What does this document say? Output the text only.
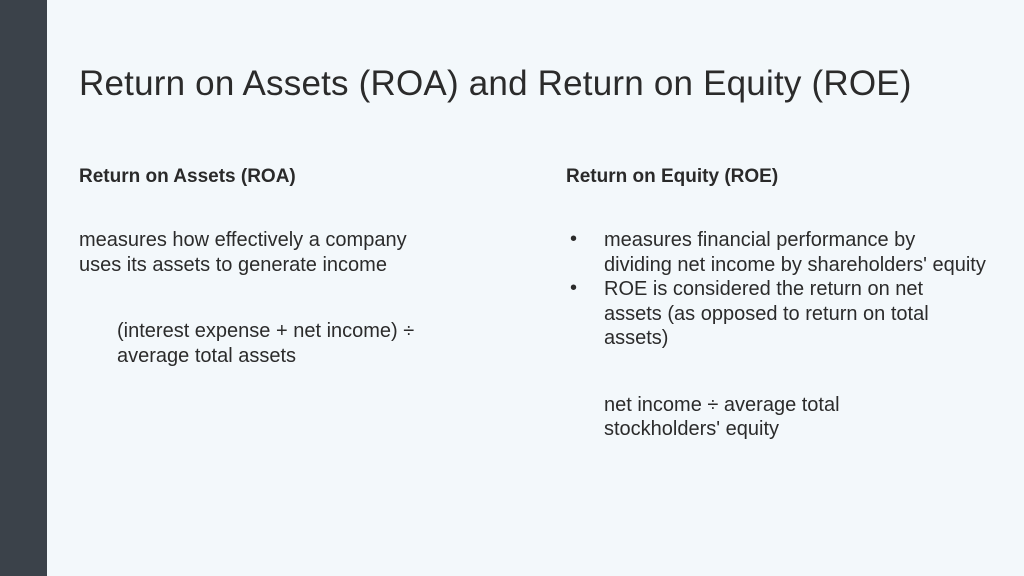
Return on Assets (ROA) and Return on Equity (ROE)
Return on Assets (ROA)

measures how effectively a company uses its assets to generate income

(interest expense + net income) ÷ average total assets

Return on Equity (ROE)
• measures financial performance by dividing net income by shareholders' equity
• ROE is considered the return on net assets (as opposed to return on total assets)

net income ÷ average total stockholders' equity
